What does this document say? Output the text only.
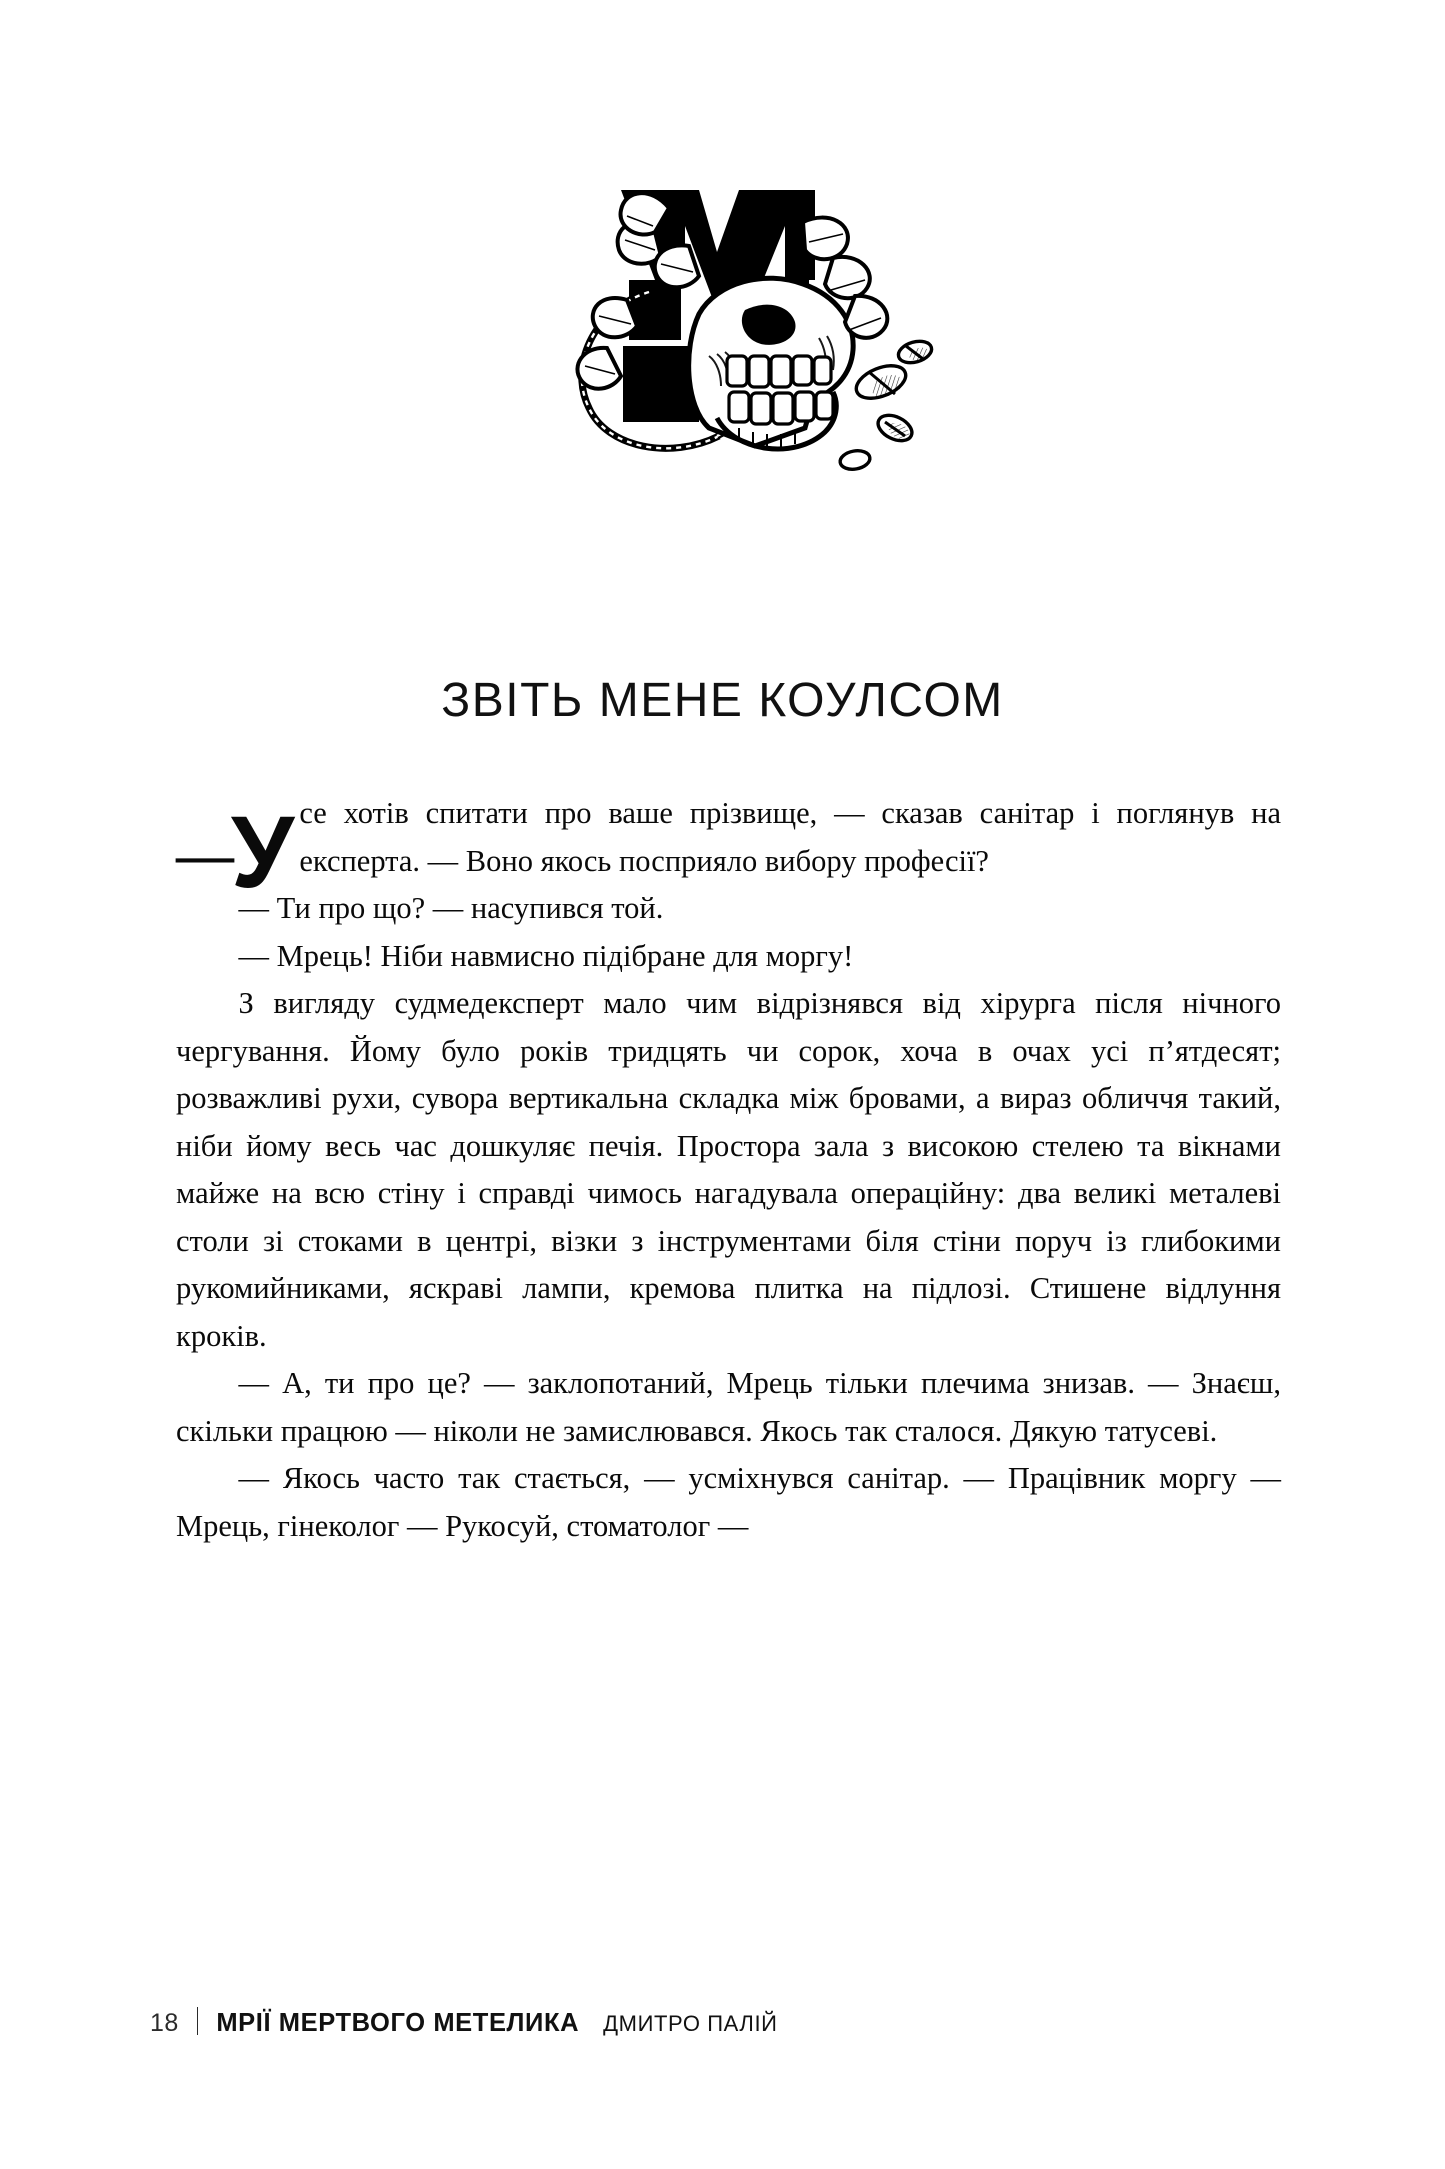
ЗВІТЬ МЕНЕ КОУЛСОМ

—
У се хотів спитати про ваше прізвище, — сказав санітар і поглянув на експерта. — Воно якось посприяло вибору професії?

— Ти про що? — насупився той.

— Мрець! Ніби навмисно підібране для моргу!

З вигляду судмедексперт мало чим відрізнявся від хірурга після нічного чергування. Йому було років тридцять чи сорок, хоча в очах усі п’ятдесят; розважливі рухи, сувора вертикальна складка між бровами, а вираз обличчя такий, ніби йому весь час дошкуляє печія. Простора зала з високою стелею та вікнами майже на всю стіну і справді чимось нагадувала операційну: два великі металеві столи зі стоками в центрі, візки з інструментами біля стіни поруч із глибокими рукомийниками, яскраві лампи, кремова плитка на підлозі. Стишене відлуння кроків.

— А, ти про це? — заклопотаний, Мрець тільки плечима знизав. — Знаєш, скільки працюю — ніколи не замислювався. Якось так сталося. Дякую татусеві.

— Якось часто так стається, — усміхнувся санітар. — Працівник моргу — Мрець, гінеколог — Рукосуй, стоматолог —

18 МРІЇ МЕРТВОГО МЕТЕЛИКА ДМИТРО ПАЛІЙ
